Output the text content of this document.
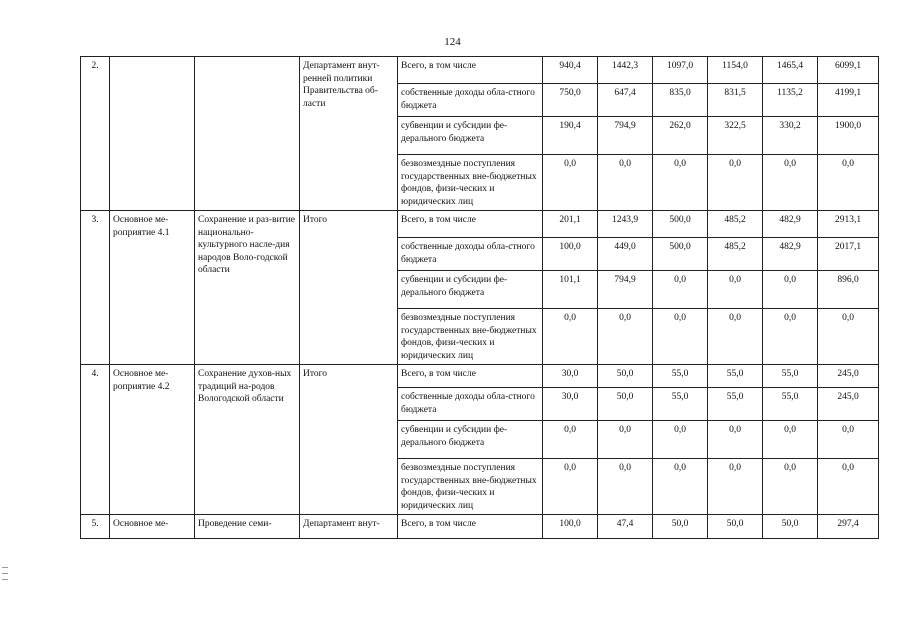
124
2.			Департамент внут-ренней политики Правительства об-ласти	Всего, в том числе	940,4	1442,3	1097,0	1154,0	1465,4	6099,1
				собственные доходы обла-стного бюджета	750,0	647,4	835,0	831,5	1135,2	4199,1
				субвенции и субсидии фе-дерального бюджета	190,4	794,9	262,0	322,5	330,2	1900,0
				безвозмездные поступления государственных вне-бюджетных фондов, физи-ческих и юридических лиц	0,0	0,0	0,0	0,0	0,0	0,0
3.	Основное ме-роприятие 4.1	Сохранение и раз-витие национально-культурного насле-дия народов Воло-годской области	Итого	Всего, в том числе	201,1	1243,9	500,0	485,2	482,9	2913,1
				собственные доходы обла-стного бюджета	100,0	449,0	500,0	485,2	482,9	2017,1
				субвенции и субсидии фе-дерального бюджета	101,1	794,9	0,0	0,0	0,0	896,0
				безвозмездные поступления государственных вне-бюджетных фондов, физи-ческих и юридических лиц	0,0	0,0	0,0	0,0	0,0	0,0
4.	Основное ме-роприятие 4.2	Сохранение духов-ных традиций на-родов Вологодской области	Итого	Всего, в том числе	30,0	50,0	55,0	55,0	55,0	245,0
				собственные доходы обла-стного бюджета	30,0	50,0	55,0	55,0	55,0	245,0
				субвенции и субсидии фе-дерального бюджета	0,0	0,0	0,0	0,0	0,0	0,0
				безвозмездные поступления государственных вне-бюджетных фондов, физи-ческих и юридических лиц	0,0	0,0	0,0	0,0	0,0	0,0
5.	Основное ме-	Проведение семи-	Департамент внут-	Всего, в том числе	100,0	47,4	50,0	50,0	50,0	297,4
